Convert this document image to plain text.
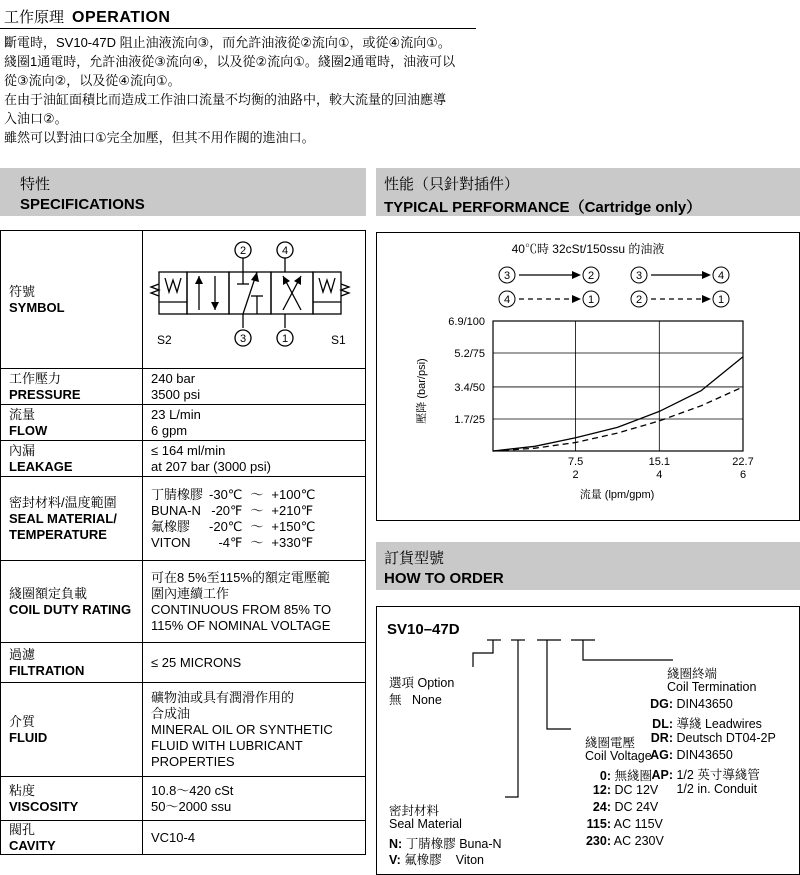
工作原理 OPERATION
斷電時，SV10-47D 阻止油液流向③，而允許油液從②流向①，或從④流向①。
綫圈1通電時，允許油液從③流向④，以及從②流向①。綫圈2通電時，油液可以
從③流向②，以及從④流向①。
在由于油缸面積比而造成工作油口流量不均衡的油路中，較大流量的回油應導
入油口②。
雖然可以對油口①完全加壓，但其不用作閥的進油口。
特性
SPECIFICATIONS
性能（只針對插件）
TYPICAL PERFORMANCE（Cartridge only）
訂貨型號
HOW TO ORDER
符號
SYMBOL

2	4
3	1
S2	S1

工作壓力
PRESSURE

240 bar
3500 psi

流量
FLOW

23 L/min
6 gpm

內漏
LEAKAGE

≤ 164 ml/min
at 207 bar (3000 psi)

密封材料/温度範圍
SEAL MATERIAL/ TEMPERATURE

丁腈橡膠	-30℃	～	+100℃
BUNA-N	-20℉	～	+210℉
氟橡膠	-20℃	～	+150℃
VITON	-4℉	～	+330℉

綫圈額定負載
COIL DUTY RATING

可在8 5%至115%的額定電壓範
圍內連續工作
CONTINUOUS FROM 85% TO
115% OF NOMINAL VOLTAGE

過濾
FILTRATION

≤ 25 MICRONS

介質
FLUID

礦物油或具有潤滑作用的
合成油
MINERAL OIL OR SYNTHETIC
FLUID WITH LUBRICANT
PROPERTIES

粘度
VISCOSITY

10.8～420 cSt
50～2000 ssu

閥孔
CAVITY

VC10-4
40℃時 32cSt/150ssu 的油液
3	2	3	4
4	1	2	1
壓降 (bar/psi)
流量 (lpm/gpm)
6.9/100
5.2/75
3.4/50
1.7/25
7.5
2
15.1
4
22.7
6
SV10–47D
選項 Option
無 None
密封材料
Seal Material
N: 丁腈橡膠 Buna-N
V: 氟橡膠 Viton
綫圈電壓
Coil Voltage
0: 無綫圈
12: DC 12V
24: DC 24V
115: AC 115V
230: AC 230V
綫圈終端
Coil Termination
DG: DIN43650
DL: 導綫 Leadwires
DR: Deutsch DT04-2P
AG: DIN43650
AP: 1/2 英寸導綫管
1/2 in. Conduit
